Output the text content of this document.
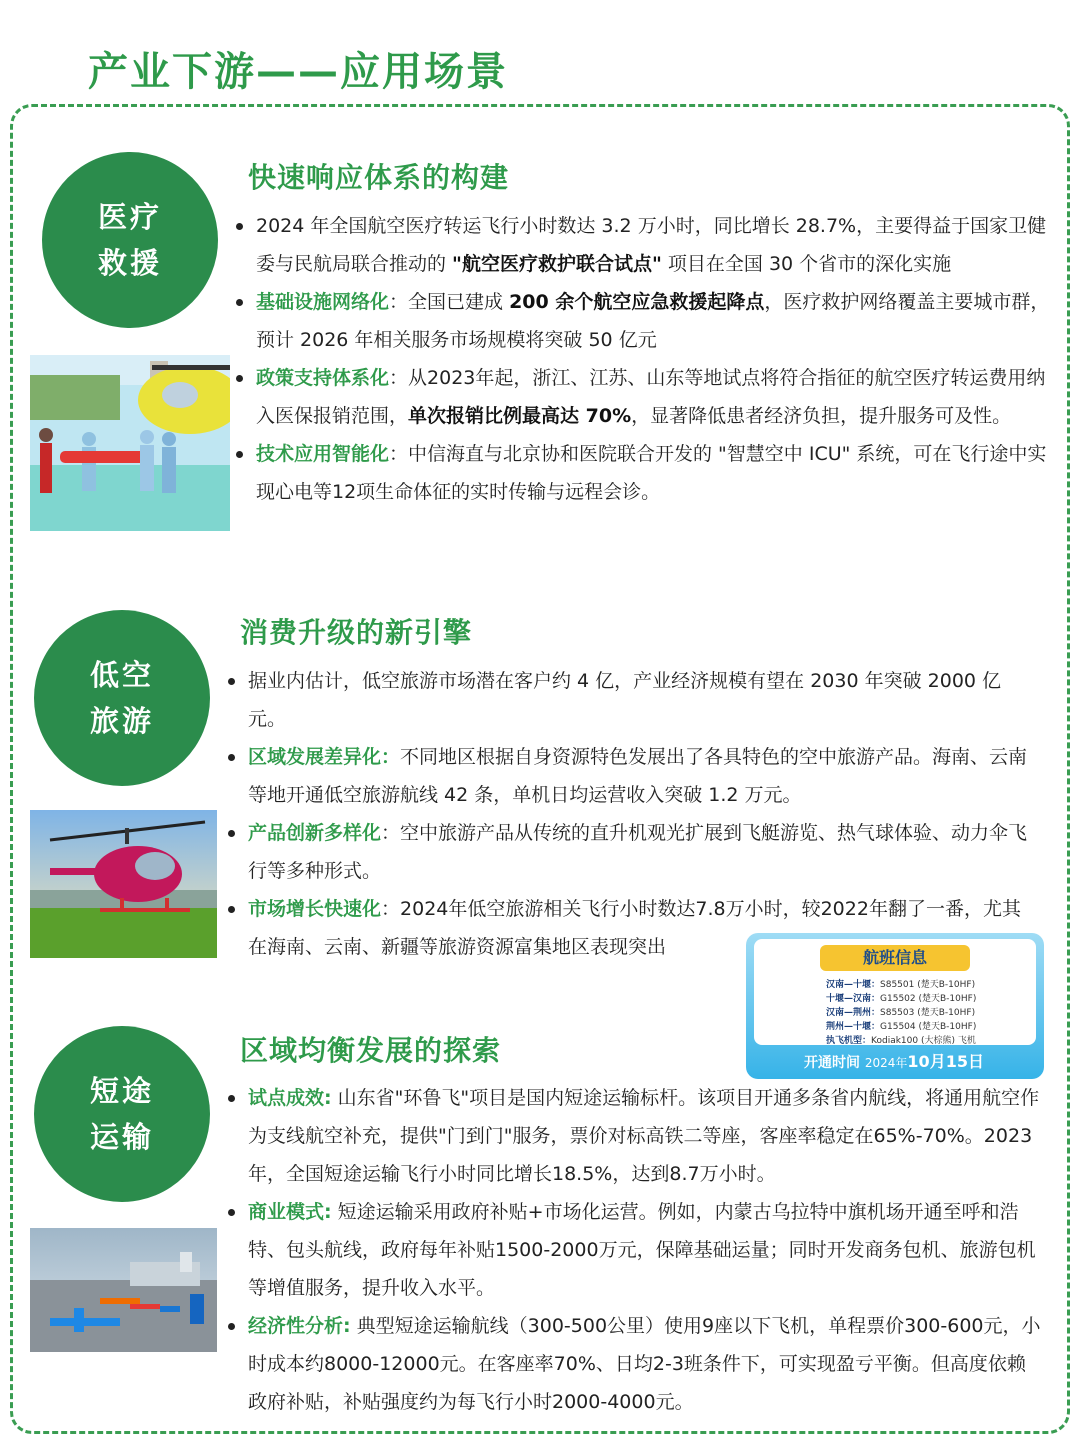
产业下游——应用场景
医疗
救援
快速响应体系的构建
2024 年全国航空医疗转运飞行小时数达 3.2 万小时，同比增长 28.7%，主要得益于国家卫健委与民航局联合推动的 "航空医疗救护联合试点" 项目在全国 30 个省市的深化实施
基础设施网络化：全国已建成 200 余个航空应急救援起降点，医疗救护网络覆盖主要城市群，预计 2026 年相关服务市场规模将突破 50 亿元
政策支持体系化：从2023年起，浙江、江苏、山东等地试点将符合指征的航空医疗转运费用纳入医保报销范围，单次报销比例最高达 70%，显著降低患者经济负担，提升服务可及性。
技术应用智能化：中信海直与北京协和医院联合开发的 "智慧空中 ICU" 系统，可在飞行途中实现心电等12项生命体征的实时传输与远程会诊。
低空
旅游
消费升级的新引擎
据业内估计，低空旅游市场潜在客户约 4 亿，产业经济规模有望在 2030 年突破 2000 亿元。
区域发展差异化：不同地区根据自身资源特色发展出了各具特色的空中旅游产品。海南、云南等地开通低空旅游航线 42 条，单机日均运营收入突破 1.2 万元。
产品创新多样化：空中旅游产品从传统的直升机观光扩展到飞艇游览、热气球体验、动力伞飞行等多种形式。
市场增长快速化：2024年低空旅游相关飞行小时数达7.8万小时，较2022年翻了一番，尤其在海南、云南、新疆等旅游资源富集地区表现突出	航班信息
汉南—十堰：S85501 (楚天B-10HF)
十堰—汉南：G15502 (楚天B-10HF)
汉南—荆州：S85503 (楚天B-10HF)
荆州—十堰：G15504 (楚天B-10HF)
执飞机型：Kodiak100 (大棕熊) 飞机
开通时间 2024年10月15日
短途
运输
区域均衡发展的探索
试点成效: 山东省"环鲁飞"项目是国内短途运输标杆。该项目开通多条省内航线，将通用航空作为支线航空补充，提供"门到门"服务，票价对标高铁二等座，客座率稳定在65%-70%。2023年，全国短途运输飞行小时同比增长18.5%，达到8.7万小时。
商业模式: 短途运输采用政府补贴+市场化运营。例如，内蒙古乌拉特中旗机场开通至呼和浩特、包头航线，政府每年补贴1500-2000万元，保障基础运量；同时开发商务包机、旅游包机等增值服务，提升收入水平。
经济性分析: 典型短途运输航线（300-500公里）使用9座以下飞机，单程票价300-600元，小时成本约8000-12000元。在客座率70%、日均2-3班条件下，可实现盈亏平衡。但高度依赖政府补贴，补贴强度约为每飞行小时2000-4000元。
